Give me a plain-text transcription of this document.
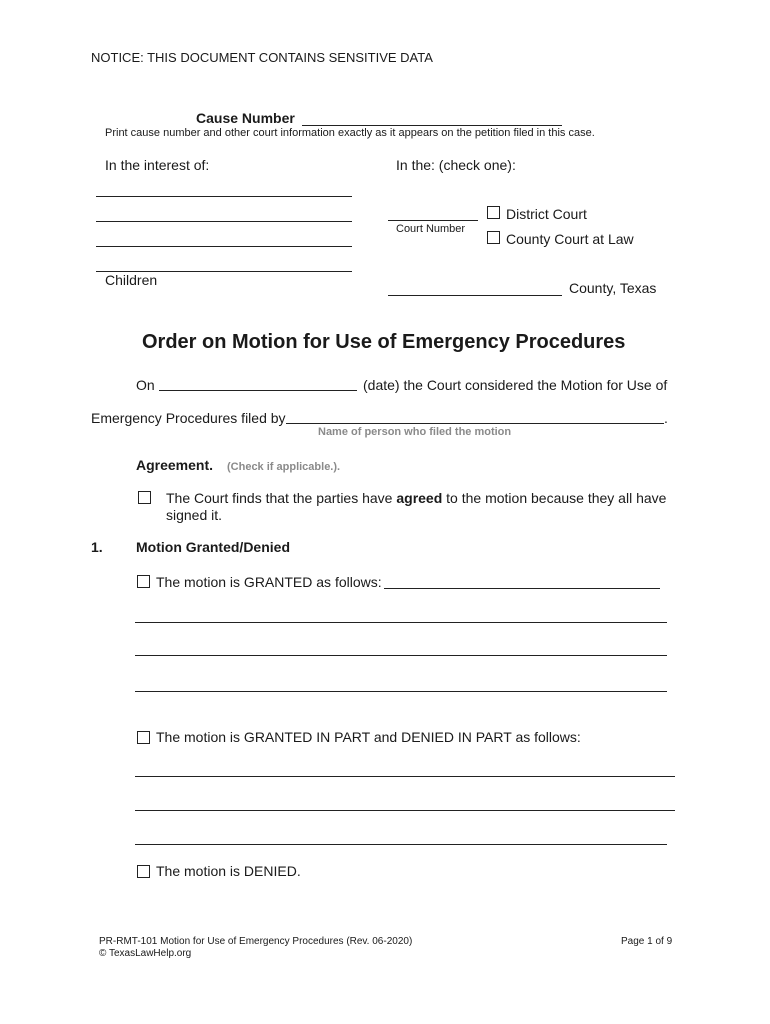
NOTICE: THIS DOCUMENT CONTAINS SENSITIVE DATA
Cause Number
Print cause number and other court information exactly as it appears on the petition filed in this case.
In the interest of:
Children
In the: (check one):
Court Number
District Court
County Court at Law
County, Texas
Order on Motion for Use of Emergency Procedures
On	(date) the Court considered the Motion for Use of
Emergency Procedures filed by	.
Name of person who filed the motion
Agreement. (Check if applicable.).
The Court finds that the parties have agreed to the motion because they all have
signed it.
1. Motion Granted/Denied
The motion is GRANTED as follows:
The motion is GRANTED IN PART and DENIED IN PART as follows:
The motion is DENIED.
PR-RMT-101 Motion for Use of Emergency Procedures (Rev. 06-2020)
© TexasLawHelp.org
Page 1 of 9
